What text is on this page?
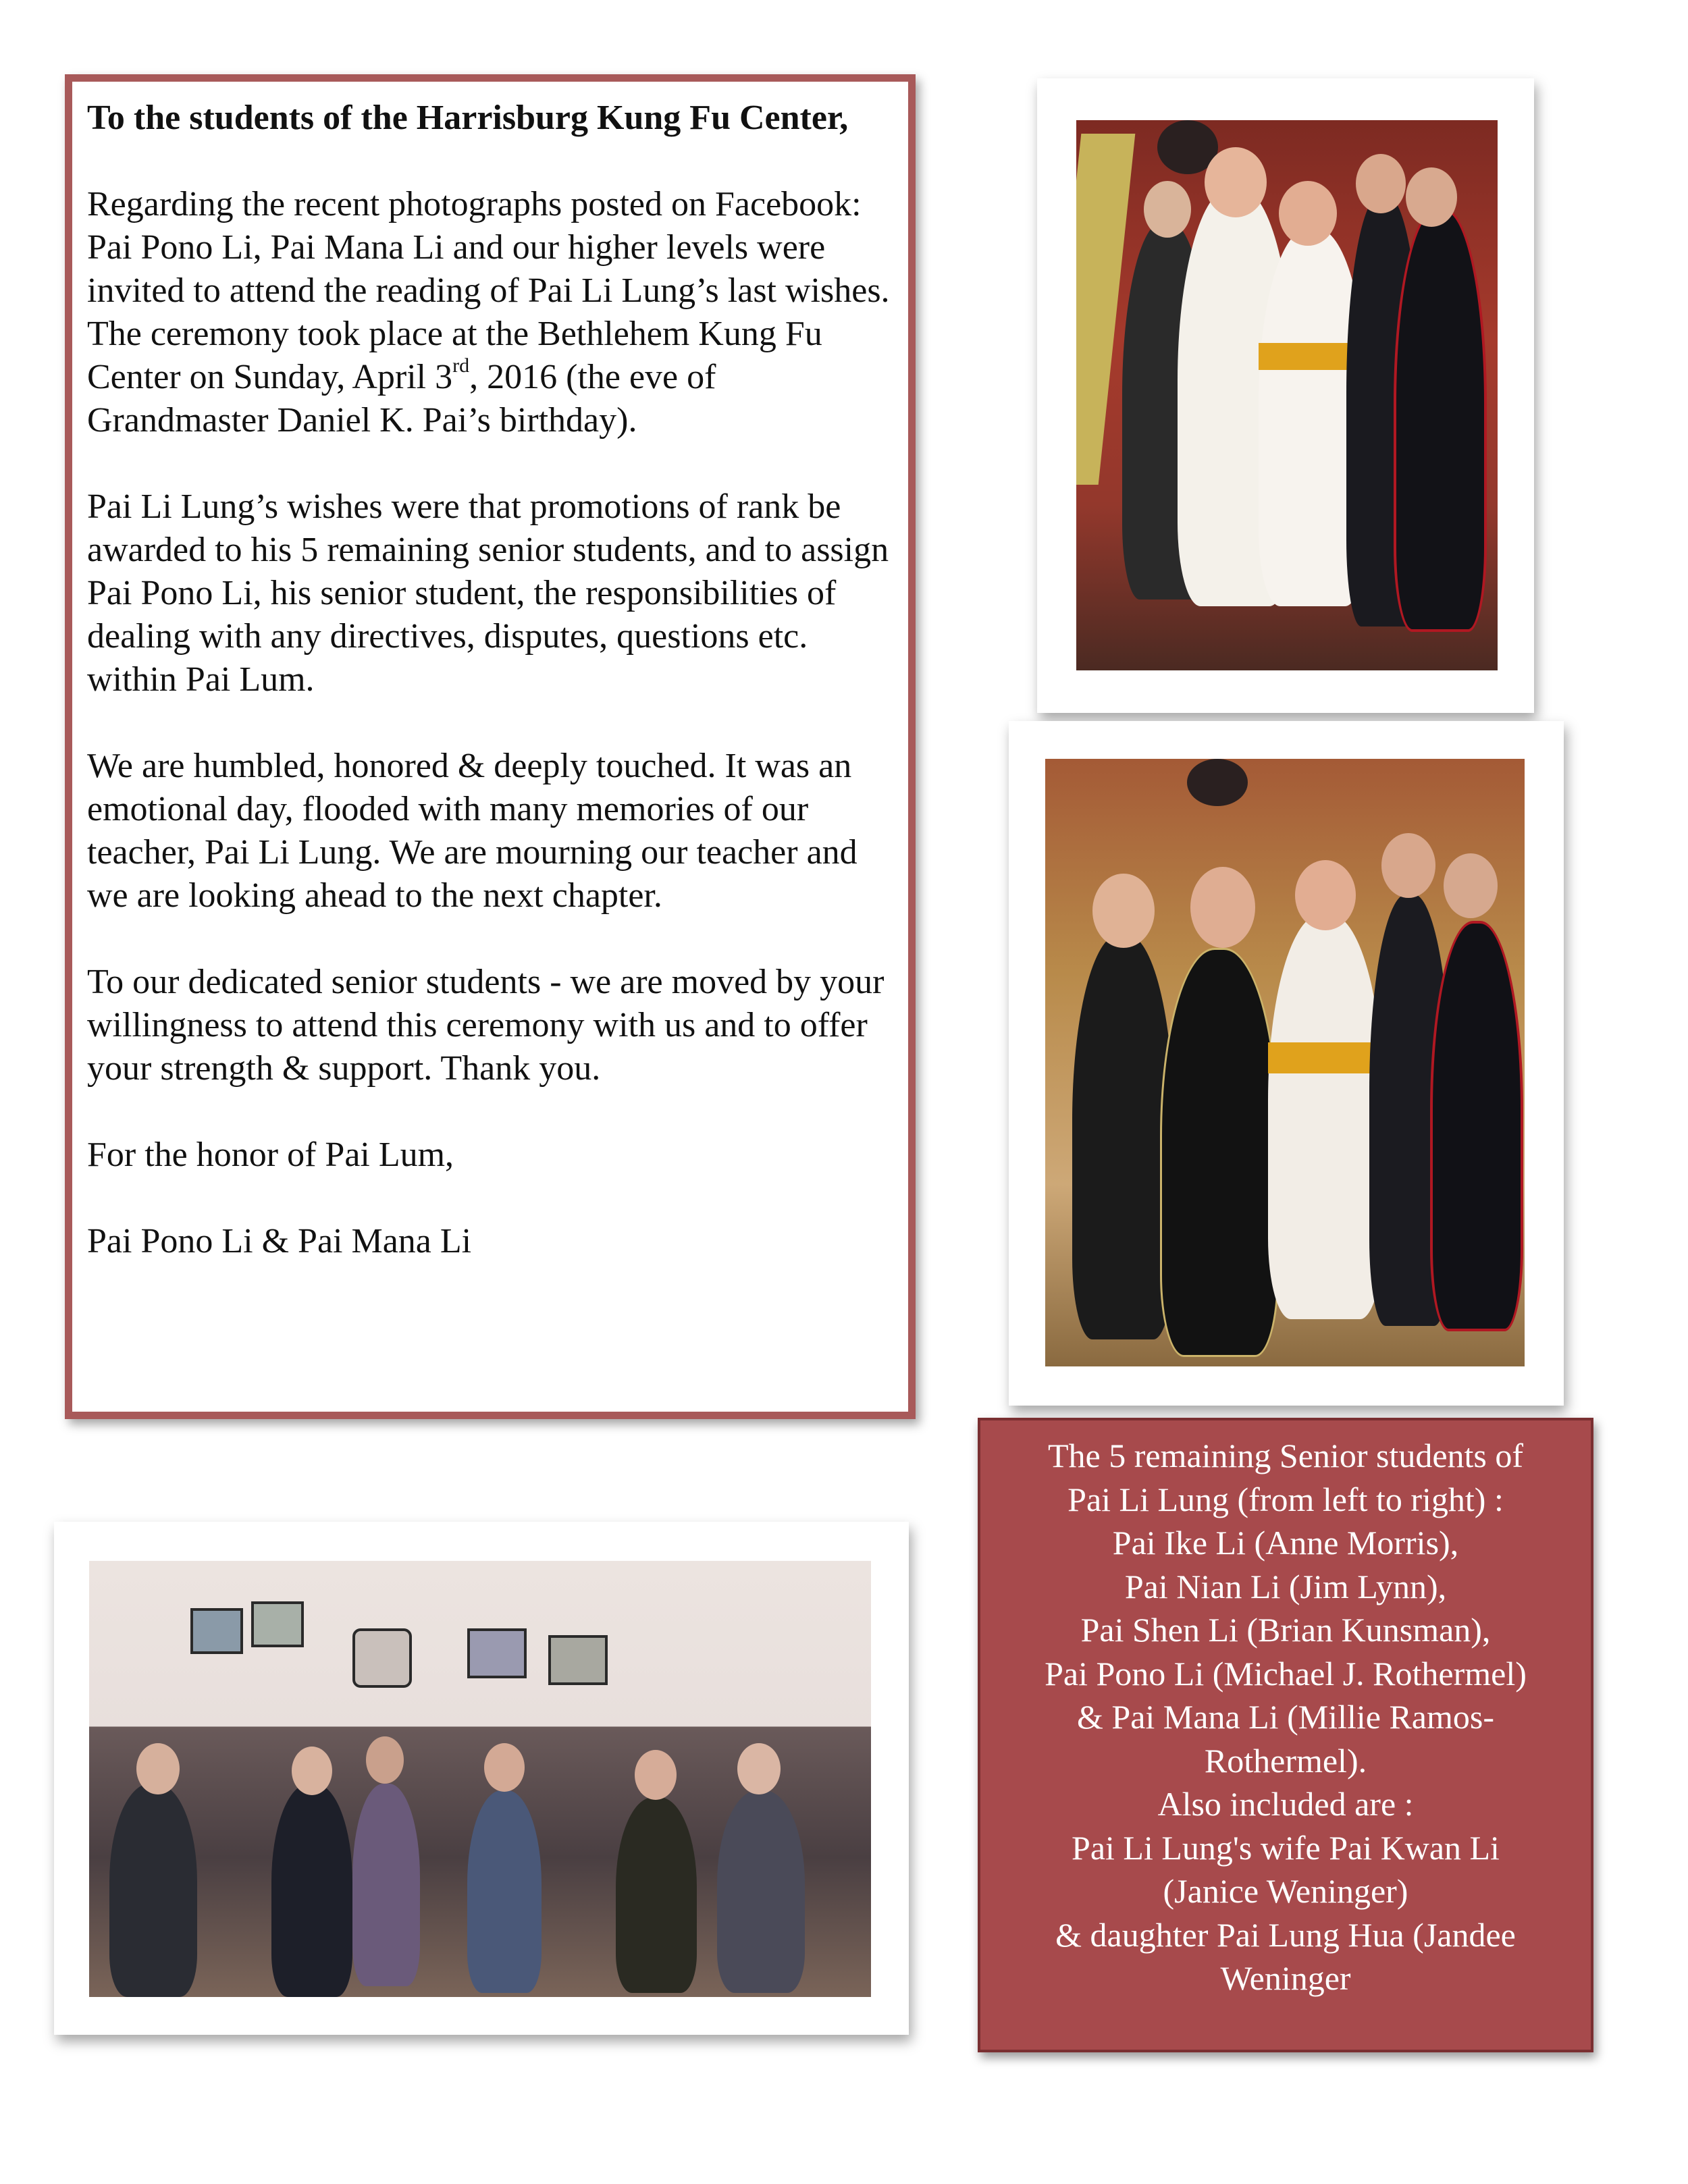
To the students of the Harrisburg Kung Fu Center,

Regarding the recent photographs posted on Facebook: Pai Pono Li, Pai Mana Li and our higher levels were invited to attend the reading of Pai Li Lung’s last wishes. The ceremony took place at the Bethlehem Kung Fu Center on Sunday, April 3rd, 2016 (the eve of Grandmaster Daniel K. Pai’s birthday).

Pai Li Lung’s wishes were that promotions of rank be awarded to his 5 remaining senior students, and to assign Pai Pono Li, his senior student, the responsibilities of dealing with any directives, disputes, questions etc. within Pai Lum.

We are humbled, honored & deeply touched. It was an emotional day, flooded with many memories of our teacher, Pai Li Lung. We are mourning our teacher and we are looking ahead to the next chapter.

To our dedicated senior students - we are moved by your willingness to attend this ceremony with us and to offer your strength & support. Thank you.

For the honor of Pai Lum,

Pai Pono Li & Pai Mana Li

The 5 remaining Senior students of
Pai Li Lung (from left to right) :
Pai Ike Li (Anne Morris),
Pai Nian Li (Jim Lynn),
Pai Shen Li (Brian Kunsman),
Pai Pono Li (Michael J. Rothermel)
& Pai Mana Li (Millie Ramos-
Rothermel).
Also included are :
Pai Li Lung's wife Pai Kwan Li
(Janice Weninger)
& daughter Pai Lung Hua (Jandee
Weninger
